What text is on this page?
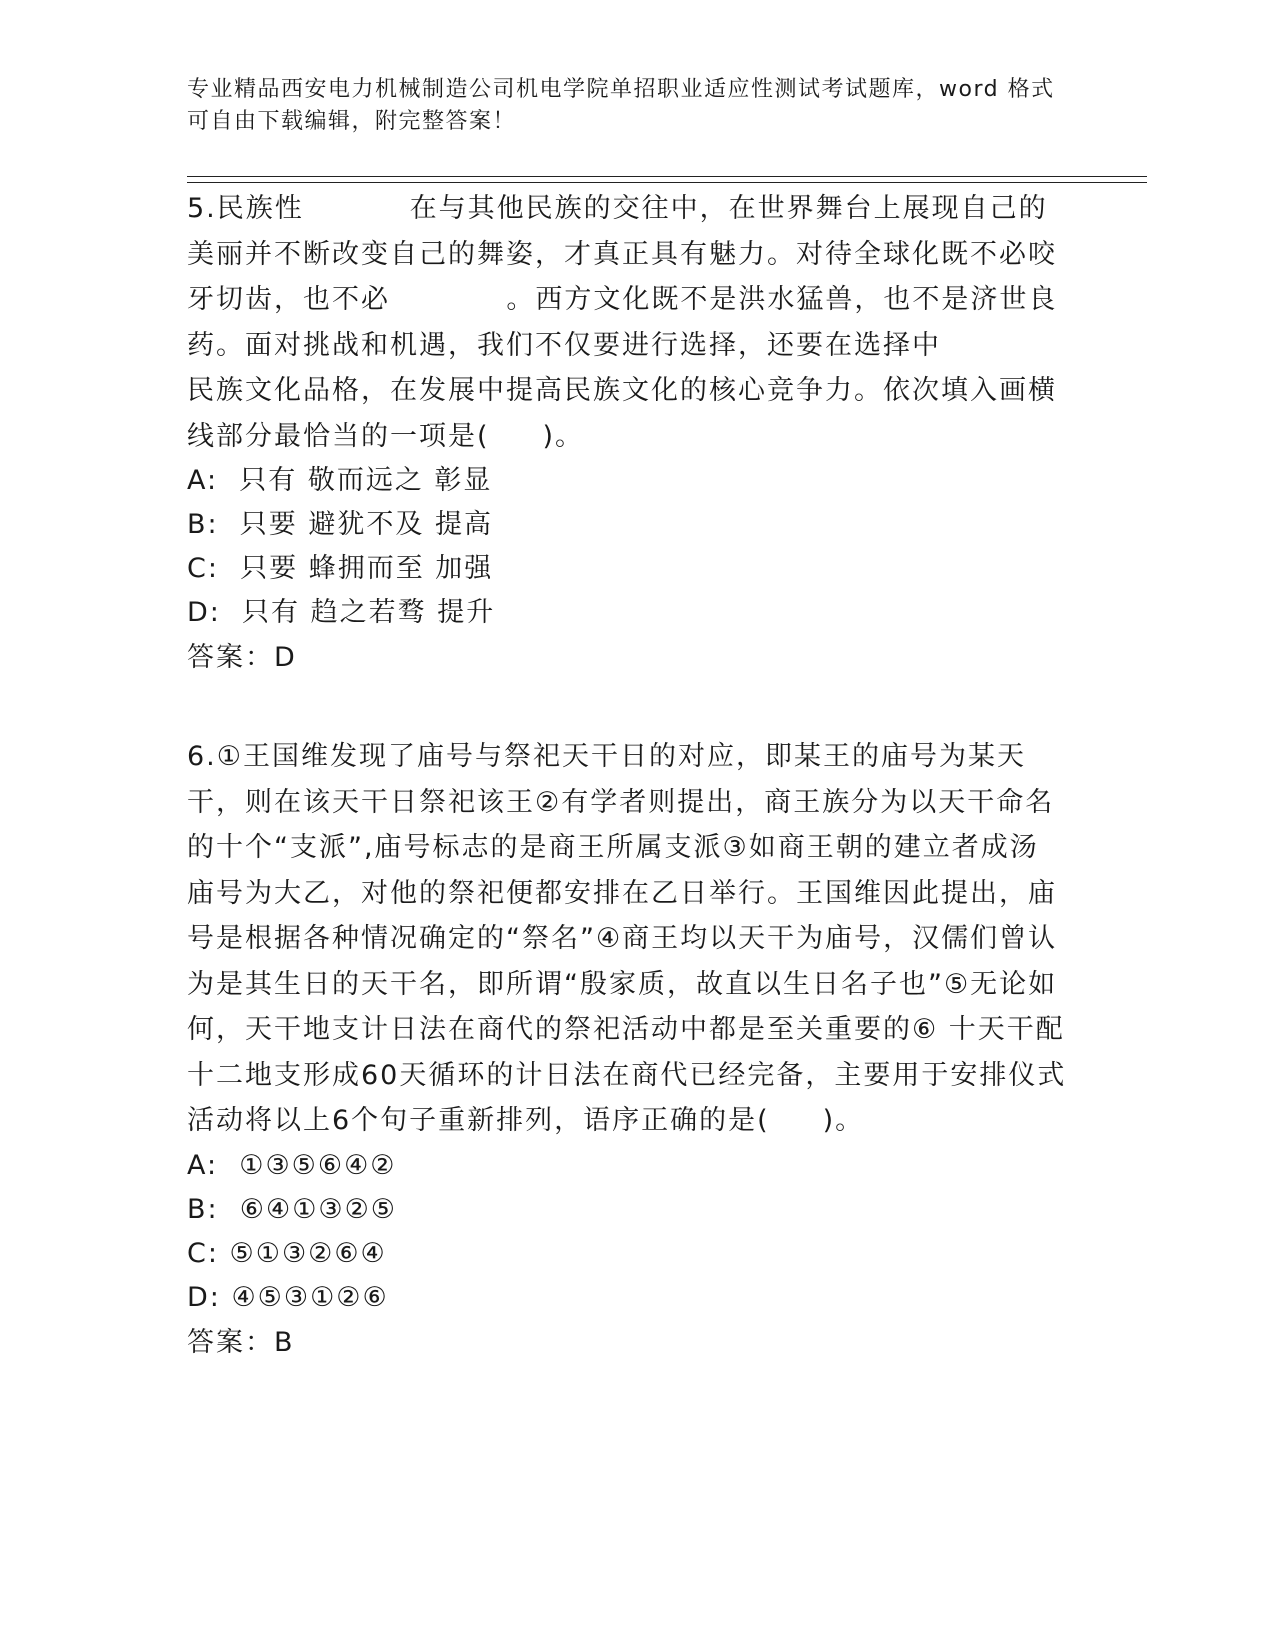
专业精品西安电力机械制造公司机电学院单招职业适应性测试考试题库，word 格式可自由下载编辑，附完整答案！
5.民族性          在与其他民族的交往中，在世界舞台上展现自己的美丽并不断改变自己的舞姿，才真正具有魅力。对待全球化既不必咬牙切齿，也不必           。西方文化既不是洪水猛兽，也不是济世良药。面对挑战和机遇，我们不仅要进行选择，还要在选择中          民族文化品格，在发展中提高民族文化的核心竞争力。依次填入画横线部分最恰当的一项是(     )。
A:  只有 敬而远之 彰显
B:  只要 避犹不及 提高
C:  只要 蜂拥而至 加强
D:  只有 趋之若骛 提升
答案：D
6.①王国维发现了庙号与祭祀天干日的对应，即某王的庙号为某天干，则在该天干日祭祀该王②有学者则提出，商王族分为以天干命名的十个“支派”,庙号标志的是商王所属支派③如商王朝的建立者成汤庙号为大乙，对他的祭祀便都安排在乙日举行。王国维因此提出，庙号是根据各种情况确定的“祭名”④商王均以天干为庙号，汉儒们曾认为是其生日的天干名，即所谓“殷家质，故直以生日名子也”⑤无论如何，天干地支计日法在商代的祭祀活动中都是至关重要的⑥ 十天干配十二地支形成60天循环的计日法在商代已经完备，主要用于安排仪式活动将以上6个句子重新排列，语序正确的是(     )。
A:  ①③⑤⑥④②
B:  ⑥④①③②⑤
C: ⑤①③②⑥④
D: ④⑤③①②⑥
答案：B
